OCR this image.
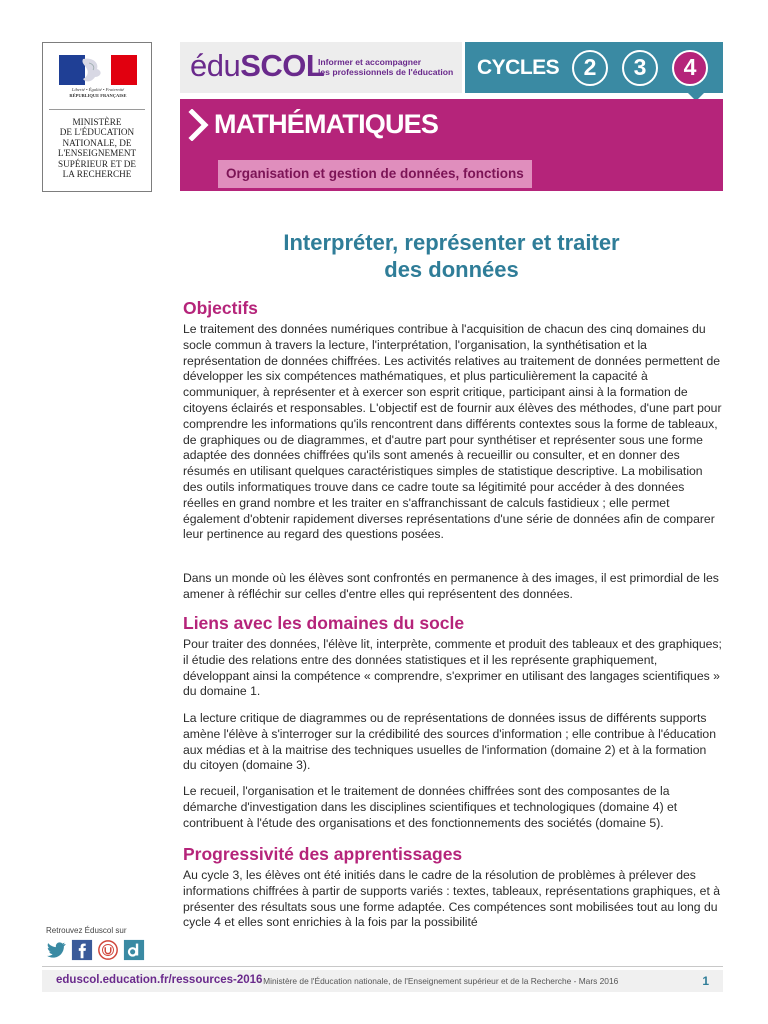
Liberté • Égalité • Fraternité
RÉPUBLIQUE FRANÇAISE
MINISTÈRE
DE L'ÉDUCATION
NATIONALE, DE
L'ENSEIGNEMENT
SUPÉRIEUR ET DE
LA RECHERCHE
éduSCOL
Informer et accompagner
les professionnels de l'éducation	CYCLES	2	3	4
MATHÉMATIQUES
Organisation et gestion de données, fonctions
Interpréter, représenter et traiter
des données
Objectifs
Le traitement des données numériques contribue à l'acquisition de chacun des cinq domaines du socle commun à travers la lecture, l'interprétation, l'organisation, la synthétisation et la représentation de données chiffrées. Les activités relatives au traitement de données permettent de développer les six compétences mathématiques, et plus particulièrement la capacité à communiquer, à représenter et à exercer son esprit critique, participant ainsi à la formation de citoyens éclairés et responsables. L'objectif est de fournir aux élèves des méthodes, d'une part pour comprendre les informations qu'ils rencontrent dans différents contextes sous la forme de tableaux, de graphiques ou de diagrammes, et d'autre part pour synthétiser et représenter sous une forme adaptée des données chiffrées qu'ils sont amenés à recueillir ou consulter, et en donner des résumés en utilisant quelques caractéristiques simples de statistique descriptive. La mobilisation des outils informatiques trouve dans ce cadre toute sa légitimité pour accéder à des données réelles en grand nombre et les traiter en s'affranchissant de calculs fastidieux ; elle permet également d'obtenir rapidement diverses représentations d'une série de données afin de comparer leur pertinence au regard des questions posées.
Dans un monde où les élèves sont confrontés en permanence à des images, il est primordial de les amener à réfléchir sur celles d'entre elles qui représentent des données.
Liens avec les domaines du socle
Pour traiter des données, l'élève lit, interprète, commente et produit des tableaux et des graphiques; il étudie des relations entre des données statistiques et il les représente graphiquement, développant ainsi la compétence « comprendre, s'exprimer en utilisant des langages scientifiques » du domaine 1.
La lecture critique de diagrammes ou de représentations de données issus de différents supports amène l'élève à s'interroger sur la crédibilité des sources d'information ; elle contribue à l'éducation aux médias et à la maitrise des techniques usuelles de l'information (domaine 2) et à la formation du citoyen (domaine 3).
Le recueil, l'organisation et le traitement de données chiffrées sont des composantes de la démarche d'investigation dans les disciplines scientifiques et technologiques (domaine 4) et contribuent à l'étude des organisations et des fonctionnements des sociétés (domaine 5).
Progressivité des apprentissages
Au cycle 3, les élèves ont été initiés dans le cadre de la résolution de problèmes à prélever des informations chiffrées à partir de supports variés : textes, tableaux, représentations graphiques, et à présenter des résultats sous une forme adaptée. Ces compétences sont mobilisées tout au long du cycle 4 et elles sont enrichies à la fois par la possibilité
Retrouvez Éduscol sur
eduscol.education.fr/ressources-2016
- Ministère de l'Éducation nationale, de l'Enseignement supérieur et de la Recherche - Mars 2016	1
